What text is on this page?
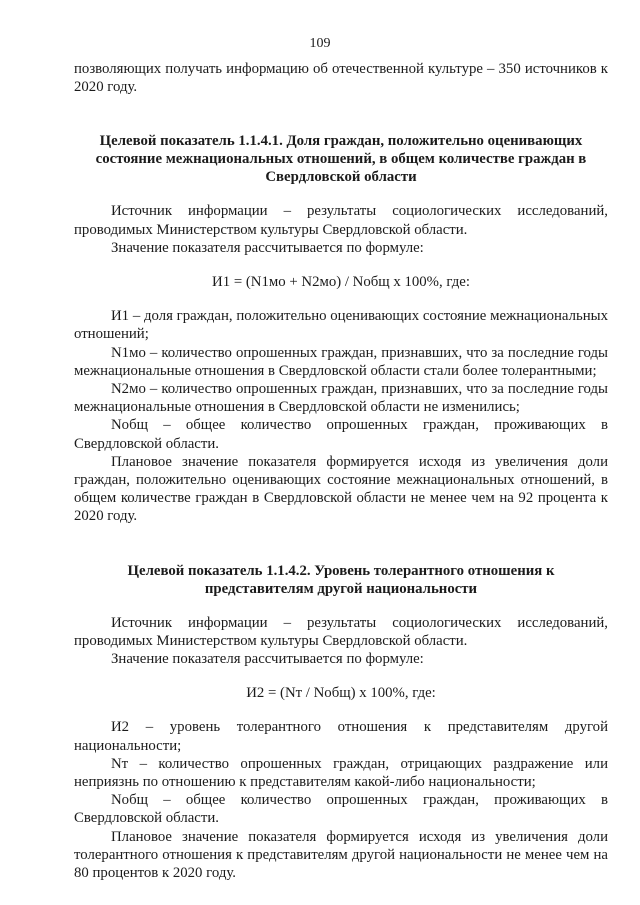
109

позволяющих получать информацию об отечественной культуре – 350 источников к 2020 году.

Целевой показатель 1.1.4.1. Доля граждан, положительно оценивающих состояние межнациональных отношений, в общем количестве граждан в Свердловской области

Источник информации – результаты социологических исследований, проводимых Министерством культуры Свердловской области.

Значение показателя рассчитывается по формуле:

И1 = (N1мо + N2мо) / Nобщ х 100%, где:

И1 – доля граждан, положительно оценивающих состояние межнациональных отношений;

N1мо – количество опрошенных граждан, признавших, что за последние годы межнациональные отношения в Свердловской области стали более толерантными;

N2мо – количество опрошенных граждан, признавших, что за последние годы межнациональные отношения в Свердловской области не изменились;

Nобщ – общее количество опрошенных граждан, проживающих в Свердловской области.

Плановое значение показателя формируется исходя из увеличения доли граждан, положительно оценивающих состояние межнациональных отношений, в общем количестве граждан в Свердловской области не менее чем на 92 процента к 2020 году.

Целевой показатель 1.1.4.2. Уровень толерантного отношения к представителям другой национальности

Источник информации – результаты социологических исследований, проводимых Министерством культуры Свердловской области.

Значение показателя рассчитывается по формуле:

И2 = (Nт / Nобщ) х 100%, где:

И2 – уровень толерантного отношения к представителям другой национальности;

Nт – количество опрошенных граждан, отрицающих раздражение или неприязнь по отношению к представителям какой-либо национальности;

Nобщ – общее количество опрошенных граждан, проживающих в Свердловской области.

Плановое значение показателя формируется исходя из увеличения доли толерантного отношения к представителям другой национальности не менее чем на 80 процентов к 2020 году.
